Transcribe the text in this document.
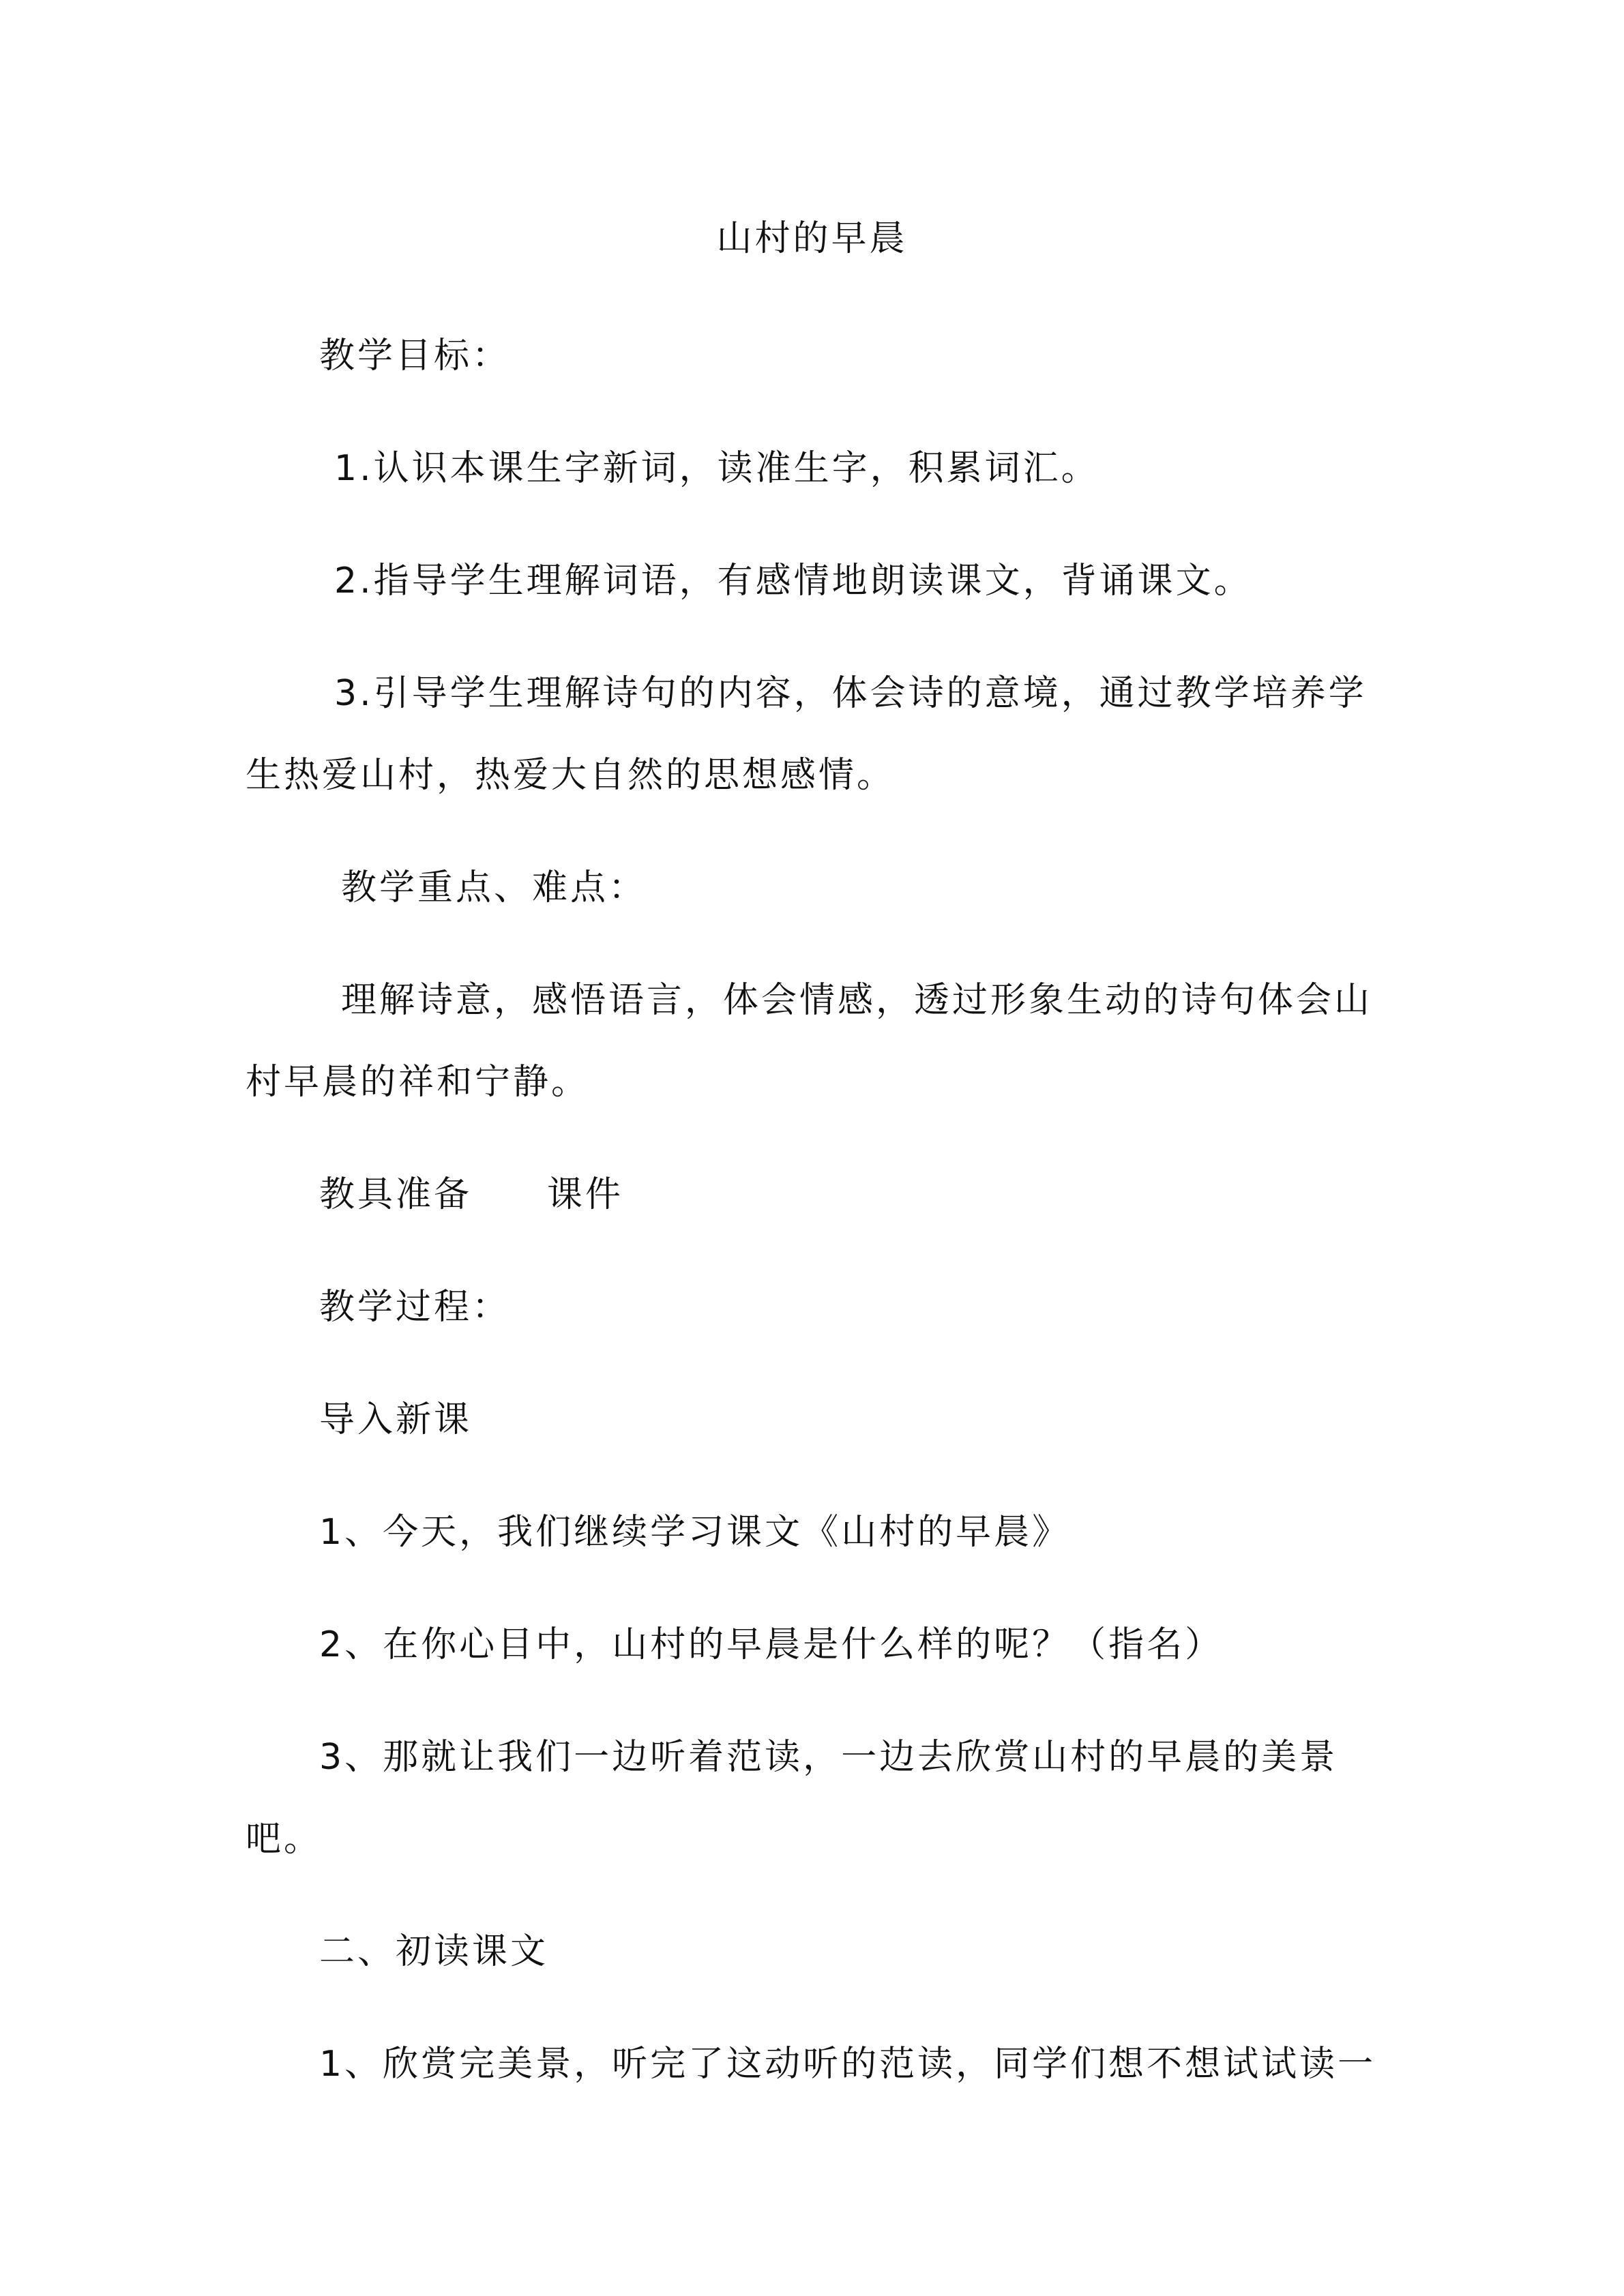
山村的早晨
教学目标：
1.认识本课生字新词，读准生字，积累词汇。
2.指导学生理解词语，有感情地朗读课文，背诵课文。
3.引导学生理解诗句的内容，体会诗的意境，通过教学培养学
生热爱山村，热爱大自然的思想感情。
教学重点、难点：
理解诗意，感悟语言，体会情感，透过形象生动的诗句体会山
村早晨的祥和宁静。
教具准备 课件
教学过程：
导入新课
1、今天，我们继续学习课文《山村的早晨》
2、在你心目中，山村的早晨是什么样的呢？（指名）
3、那就让我们一边听着范读，一边去欣赏山村的早晨的美景
吧。
二、初读课文
1、欣赏完美景，听完了这动听的范读，同学们想不想试试读一
